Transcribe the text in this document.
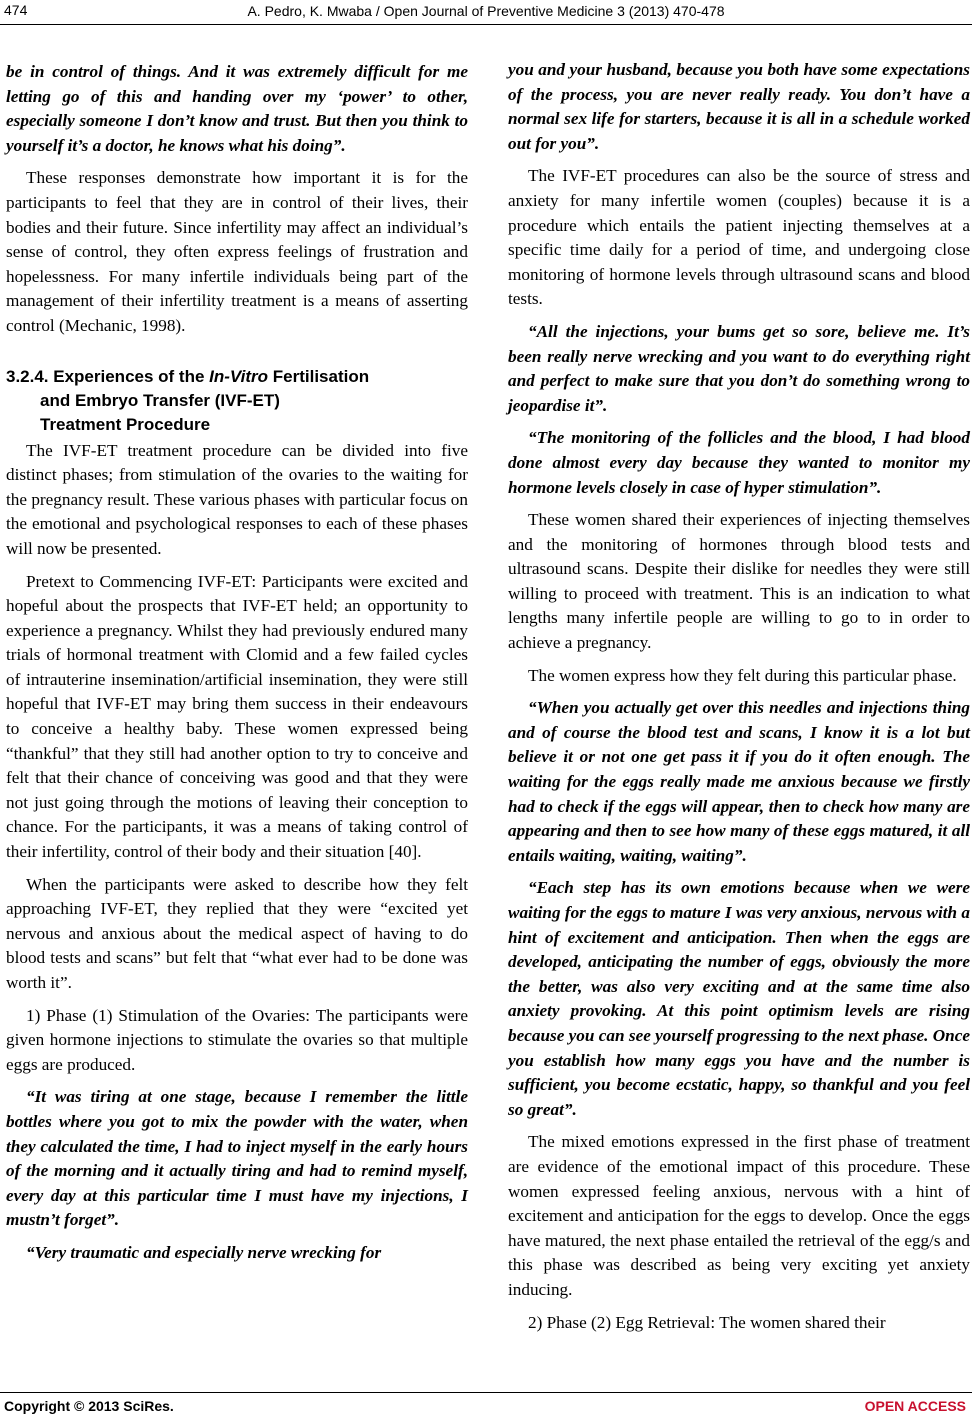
474	A. Pedro, K. Mwaba / Open Journal of Preventive Medicine 3 (2013) 470-478

be in control of things. And it was extremely difficult for me letting go of this and handing over my ‘power’ to other, especially someone I don’t know and trust. But then you think to yourself it’s a doctor, he knows what his doing”.

These responses demonstrate how important it is for the participants to feel that they are in control of their lives, their bodies and their future. Since infertility may affect an individual’s sense of control, they often express feelings of frustration and hopelessness. For many infertile individuals being part of the management of their infertility treatment is a means of asserting control (Mechanic, 1998).

3.2.4. Experiences of the In-Vitro Fertilisation
and Embryo Transfer (IVF-ET)
Treatment Procedure

The IVF-ET treatment procedure can be divided into five distinct phases; from stimulation of the ovaries to the waiting for the pregnancy result. These various phases with particular focus on the emotional and psychological responses to each of these phases will now be presented.

Pretext to Commencing IVF-ET: Participants were excited and hopeful about the prospects that IVF-ET held; an opportunity to experience a pregnancy. Whilst they had previously endured many trials of hormonal treatment with Clomid and a few failed cycles of intrauterine insemination/artificial insemination, they were still hopeful that IVF-ET may bring them success in their endeavours to conceive a healthy baby. These women expressed being “thankful” that they still had another option to try to conceive and felt that their chance of conceiving was good and that they were not just going through the motions of leaving their conception to chance. For the participants, it was a means of taking control of their infertility, control of their body and their situation [40].

When the participants were asked to describe how they felt approaching IVF-ET, they replied that they were “excited yet nervous and anxious about the medical aspect of having to do blood tests and scans” but felt that “what ever had to be done was worth it”.

1) Phase (1) Stimulation of the Ovaries: The participants were given hormone injections to stimulate the ovaries so that multiple eggs are produced.

“It was tiring at one stage, because I remember the little bottles where you got to mix the powder with the water, when they calculated the time, I had to inject myself in the early hours of the morning and it actually tiring and had to remind myself, every day at this particular time I must have my injections, I mustn’t forget”.

“Very traumatic and especially nerve wrecking for

you and your husband, because you both have some expectations of the process, you are never really ready. You don’t have a normal sex life for starters, because it is all in a schedule worked out for you”.

The IVF-ET procedures can also be the source of stress and anxiety for many infertile women (couples) because it is a procedure which entails the patient injecting themselves at a specific time daily for a period of time, and undergoing close monitoring of hormone levels through ultrasound scans and blood tests.

“All the injections, your bums get so sore, believe me. It’s been really nerve wrecking and you want to do everything right and perfect to make sure that you don’t do something wrong to jeopardise it”.

“The monitoring of the follicles and the blood, I had blood done almost every day because they wanted to monitor my hormone levels closely in case of hyper stimulation”.

These women shared their experiences of injecting themselves and the monitoring of hormones through blood tests and ultrasound scans. Despite their dislike for needles they were still willing to proceed with treatment. This is an indication to what lengths many infertile people are willing to go to in order to achieve a pregnancy.

The women express how they felt during this particular phase.

“When you actually get over this needles and injections thing and of course the blood test and scans, I know it is a lot but believe it or not one get pass it if you do it often enough. The waiting for the eggs really made me anxious because we firstly had to check if the eggs will appear, then to check how many are appearing and then to see how many of these eggs matured, it all entails waiting, waiting, waiting”.

“Each step has its own emotions because when we were waiting for the eggs to mature I was very anxious, nervous with a hint of excitement and anticipation. Then when the eggs are developed, anticipating the number of eggs, obviously the more the better, was also very exciting and at the same time also anxiety provoking. At this point optimism levels are rising because you can see yourself progressing to the next phase. Once you establish how many eggs you have and the number is sufficient, you become ecstatic, happy, so thankful and you feel so great”.

The mixed emotions expressed in the first phase of treatment are evidence of the emotional impact of this procedure. These women expressed feeling anxious, nervous with a hint of excitement and anticipation for the eggs to develop. Once the eggs have matured, the next phase entailed the retrieval of the egg/s and this phase was described as being very exciting yet anxiety inducing.

2) Phase (2) Egg Retrieval: The women shared their

Copyright © 2013 SciRes.	OPEN ACCESS
